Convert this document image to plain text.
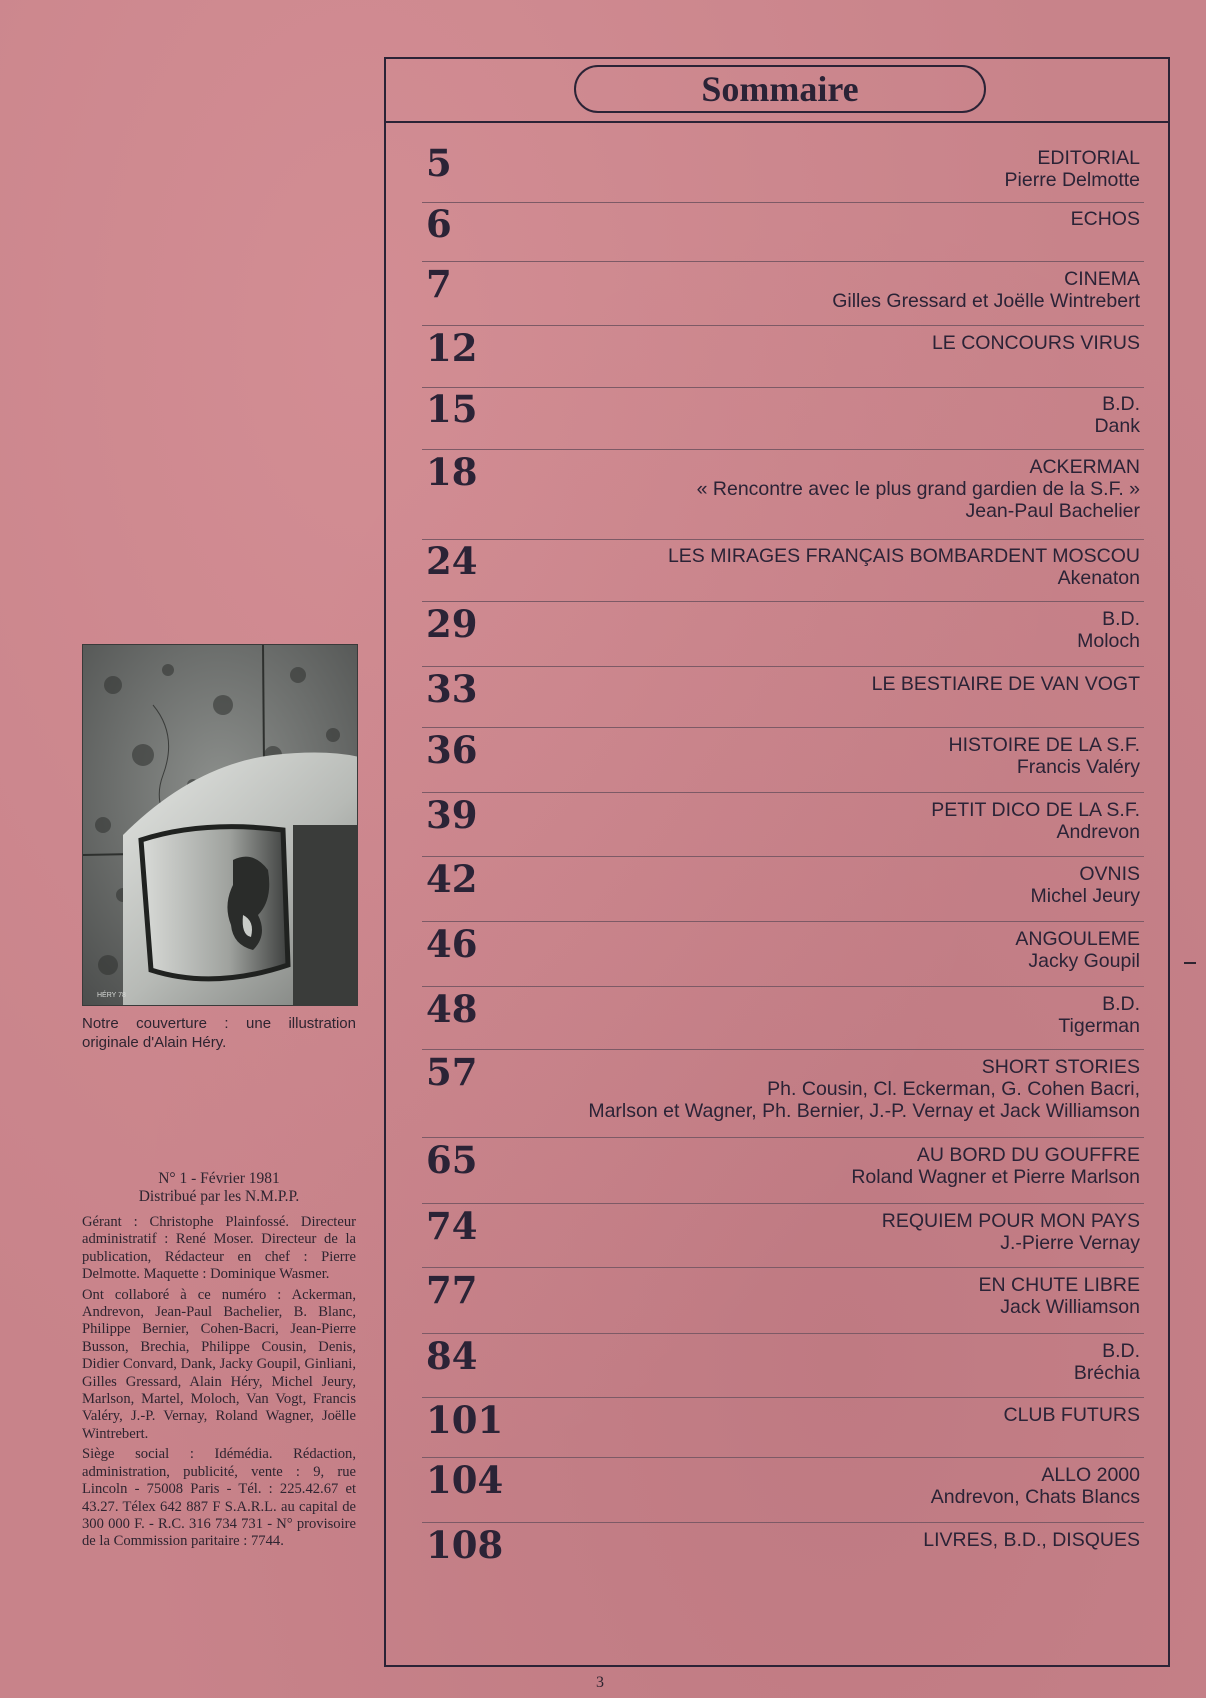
HÉRY 78
Notre couverture : une illustration originale d'Alain Héry.
N° 1 - Février 1981
Distribué par les N.M.P.P.

Gérant : Christophe Plainfossé. Directeur administratif : René Moser. Directeur de la publication, Rédacteur en chef : Pierre Delmotte. Maquette : Dominique Wasmer.

Ont collaboré à ce numéro : Ackerman, Andrevon, Jean-Paul Bachelier, B. Blanc, Philippe Bernier, Cohen-Bacri, Jean-Pierre Busson, Brechia, Philippe Cousin, Denis, Didier Convard, Dank, Jacky Goupil, Ginliani, Gilles Gressard, Alain Héry, Michel Jeury, Marlson, Martel, Moloch, Van Vogt, Francis Valéry, J.-P. Vernay, Roland Wagner, Joëlle Wintrebert.

Siège social : Idémédia. Rédaction, administration, publicité, vente : 9, rue Lincoln - 75008 Paris - Tél. : 225.42.67 et 43.27. Télex 642 887 F S.A.R.L. au capital de 300 000 F. - R.C. 316 734 731 - N° provisoire de la Commission paritaire : 7744.

Sommaire
5	EDITORIAL
Pierre Delmotte
6	ECHOS
7	CINEMA
Gilles Gressard et Joëlle Wintrebert
12	LE CONCOURS VIRUS
15	B.D.
Dank
18	ACKERMAN
« Rencontre avec le plus grand gardien de la S.F. »
Jean-Paul Bachelier
24	LES MIRAGES FRANÇAIS BOMBARDENT MOSCOU
Akenaton
29	B.D.
Moloch
33	LE BESTIAIRE DE VAN VOGT
36	HISTOIRE DE LA S.F.
Francis Valéry
39	PETIT DICO DE LA S.F.
Andrevon
42	OVNIS
Michel Jeury
46	ANGOULEME
Jacky Goupil
48	B.D.
Tigerman
57	SHORT STORIES
Ph. Cousin, Cl. Eckerman, G. Cohen Bacri,
Marlson et Wagner, Ph. Bernier, J.-P. Vernay et Jack Williamson
65	AU BORD DU GOUFFRE
Roland Wagner et Pierre Marlson
74	REQUIEM POUR MON PAYS
J.-Pierre Vernay
77	EN CHUTE LIBRE
Jack Williamson
84	B.D.
Bréchia
101	CLUB FUTURS
104	ALLO 2000
Andrevon, Chats Blancs
108	LIVRES, B.D., DISQUES
3
